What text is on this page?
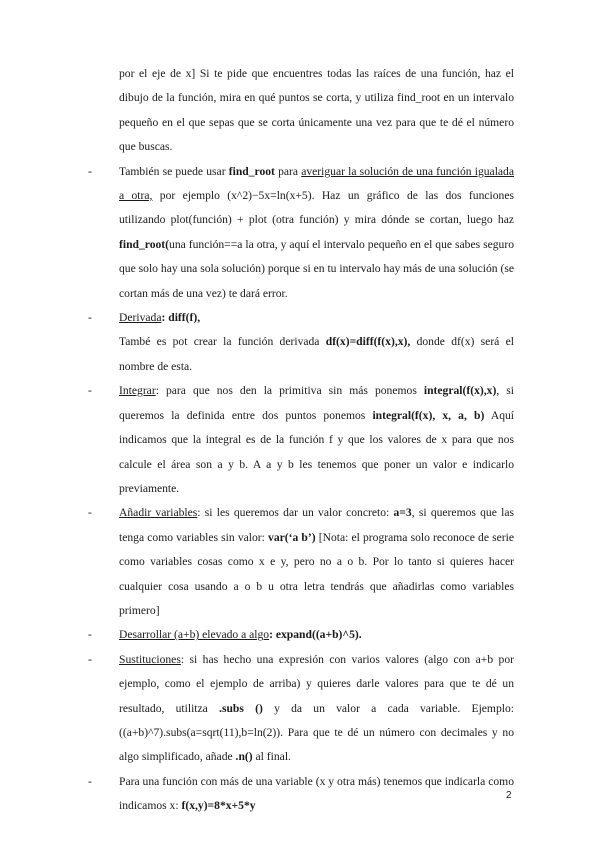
por el eje de x] Si te pide que encuentres todas las raíces de una función, haz el dibujo de la función, mira en qué puntos se corta, y utiliza find_root en un intervalo pequeño en el que sepas que se corta únicamente una vez para que te dé el número que buscas.

-	También se puede usar find_root para averiguar la solución de una función igualada a otra, por ejemplo (x^2)−5x=ln(x+5). Haz un gráfico de las dos funciones utilizando plot(función) + plot (otra función) y mira dónde se cortan, luego haz find_root(una función==a la otra, y aquí el intervalo pequeño en el que sabes seguro que solo hay una sola solución) porque si en tu intervalo hay más de una solución (se cortan más de una vez) te dará error.

-	Derivada: diff(f),
També es pot crear la función derivada df(x)=diff(f(x),x), donde df(x) será el nombre de esta.

-	Integrar: para que nos den la primitiva sin más ponemos integral(f(x),x), si queremos la definida entre dos puntos ponemos integral(f(x), x, a, b) Aquí indicamos que la integral es de la función f y que los valores de x para que nos calcule el área son a y b. A a y b les tenemos que poner un valor e indicarlo previamente.

-	Añadir variables: si les queremos dar un valor concreto: a=3, si queremos que las tenga como variables sin valor: var(‘a b’) [Nota: el programa solo reconoce de serie como variables cosas como x e y, pero no a o b. Por lo tanto si quieres hacer cualquier cosa usando a o b u otra letra tendrás que añadirlas como variables primero]

-	Desarrollar (a+b) elevado a algo: expand((a+b)^5).

-	Sustituciones: si has hecho una expresión con varios valores (algo con a+b por ejemplo, como el ejemplo de arriba) y quieres darle valores para que te dé un resultado, utilitza .subs () y da un valor a cada variable. Ejemplo: ((a+b)^7).subs(a=sqrt(11),b=ln(2)). Para que te dé un número con decimales y no algo simplificado, añade .n() al final.

-	Para una función con más de una variable (x y otra más) tenemos que indicarla como indicamos x: f(x,y)=8*x+5*y

2
